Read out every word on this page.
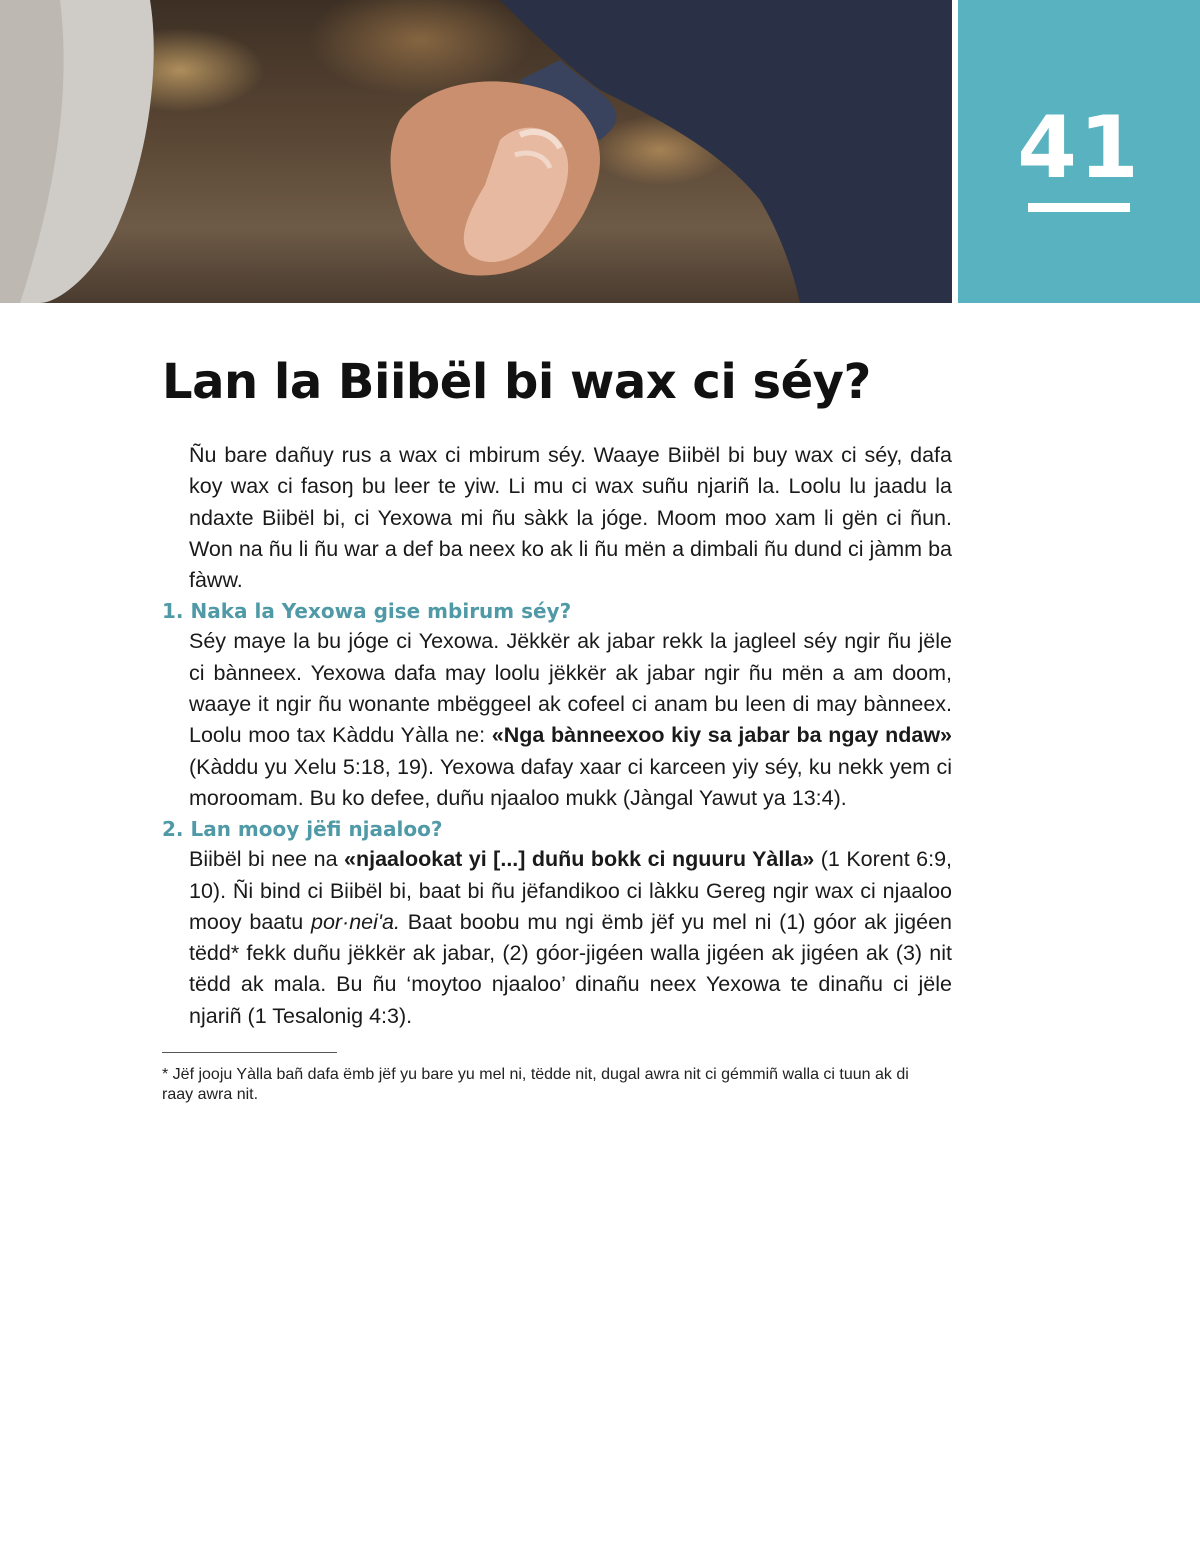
41
Lan la Biibël bi wax ci séy?

Ñu bare dañuy rus a wax ci mbirum séy. Waaye Biibël bi buy wax ci séy, dafa koy wax ci fasoŋ bu leer te yiw. Li mu ci wax suñu njariñ la. Loolu lu jaadu la ndaxte Biibël bi, ci Yexowa mi ñu sàkk la jóge. Moom moo xam li gën ci ñun. Won na ñu li ñu war a def ba neex ko ak li ñu mën a dimbali ñu dund ci jàmm ba fàww.

1. Naka la Yexowa gise mbirum séy?

Séy maye la bu jóge ci Yexowa. Jëkkër ak jabar rekk la jagleel séy ngir ñu jële ci bànneex. Yexowa dafa may loolu jëkkër ak jabar ngir ñu mën a am doom, waaye it ngir ñu wonante mbëggeel ak cofeel ci anam bu leen di may bànneex. Loolu moo tax Kàddu Yàlla ne: «Nga bànneexoo kiy sa jabar ba ngay ndaw» (Kàddu yu Xelu 5:18, 19). Yexowa dafay xaar ci karceen yiy séy, ku nekk yem ci moroomam. Bu ko defee, duñu njaaloo mukk (Jàngal Yawut ya 13:4).

2. Lan mooy jëfi njaaloo?

Biibël bi nee na «njaalookat yi [...] duñu bokk ci nguuru Yàlla» (1 Korent 6:9, 10). Ñi bind ci Biibël bi, baat bi ñu jëfandikoo ci làkku Gereg ngir wax ci njaaloo mooy baatu por·neiʹa. Baat boobu mu ngi ëmb jëf yu mel ni (1) góor ak jigéen tëdd* fekk duñu jëkkër ak jabar, (2) góor-jigéen walla jigéen ak jigéen ak (3) nit tëdd ak mala. Bu ñu ‘moytoo njaaloo’ dinañu neex Yexowa te dinañu ci jële njariñ (1 Tesalonig 4:3).

* Jëf jooju Yàlla bañ dafa ëmb jëf yu bare yu mel ni, tëdde nit, dugal awra nit ci gémmiñ walla ci tuun ak di raay awra nit.
